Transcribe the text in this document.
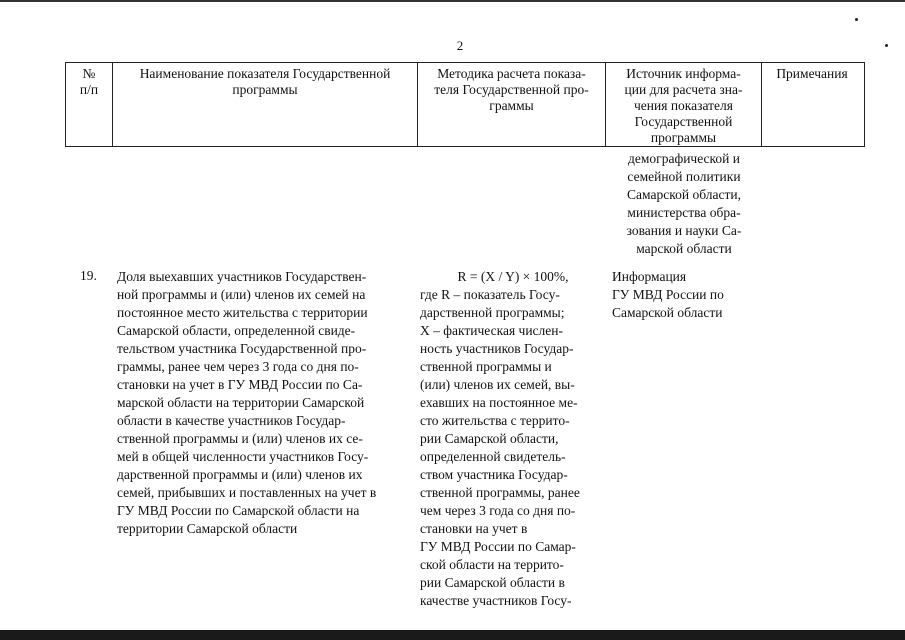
2
№
п/п
Наименование показателя Государственной
программы
Методика расчета показа-
теля Государственной про-
граммы
Источник информа-
ции для расчета зна-
чения показателя
Государственной
программы
Примечания
демографической и
семейной политики
Самарской области,
министерства обра-
зования и науки Са-
марской области
19. Доля выехавших участников Государствен-
ной программы и (или) членов их семей на
постоянное место жительства с территории
Самарской области, определенной свиде-
тельством участника Государственной про-
граммы, ранее чем через 3 года со дня по-
становки на учет в ГУ МВД России по Са-
марской области на территории Самарской
области в качестве участников Государ-
ственной программы и (или) членов их се-
мей в общей численности участников Госу-
дарственной программы и (или) членов их
семей, прибывших и поставленных на учет в
ГУ МВД России по Самарской области на
территории Самарской области
R = (X / Y) × 100%,
где R – показатель Госу-
дарственной программы;
X – фактическая числен-
ность участников Государ-
ственной программы и
(или) членов их семей, вы-
ехавших на постоянное ме-
сто жительства с террито-
рии Самарской области,
определенной свидетель-
ством участника Государ-
ственной программы, ранее
чем через 3 года со дня по-
становки на учет в
ГУ МВД России по Самар-
ской области на террито-
рии Самарской области в
качестве участников Госу-
Информация
ГУ МВД России по
Самарской области
